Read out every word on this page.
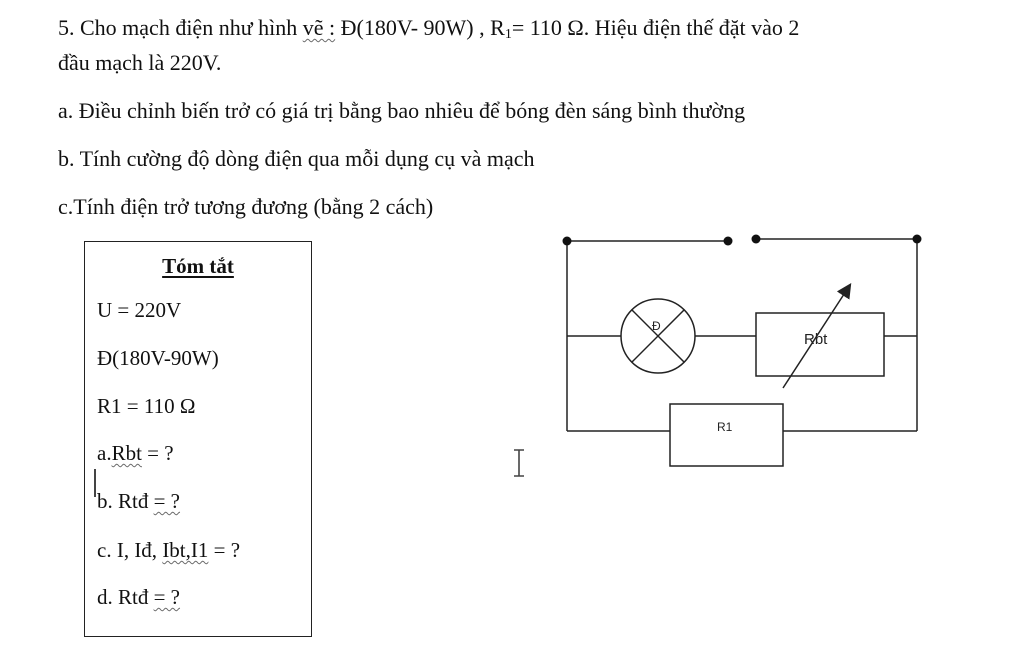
5. Cho mạch điện như hình vẽ : Đ(180V- 90W) , R1= 110 Ω. Hiệu điện thế đặt vào 2
đầu mạch là 220V.

a. Điều chỉnh biến trở có giá trị bằng bao nhiêu để bóng đèn sáng bình thường

b. Tính cường độ dòng điện qua mỗi dụng cụ và mạch

c.Tính điện trở tương đương (bằng 2 cách)

Tóm tắt
U = 220V
Đ(180V-90W)
R1 = 110 Ω
a.Rbt = ?
b. Rtđ = ?
c. I, Iđ, Ibt,I1 = ?
d. Rtđ = ?
Đ
Rbt
R1
